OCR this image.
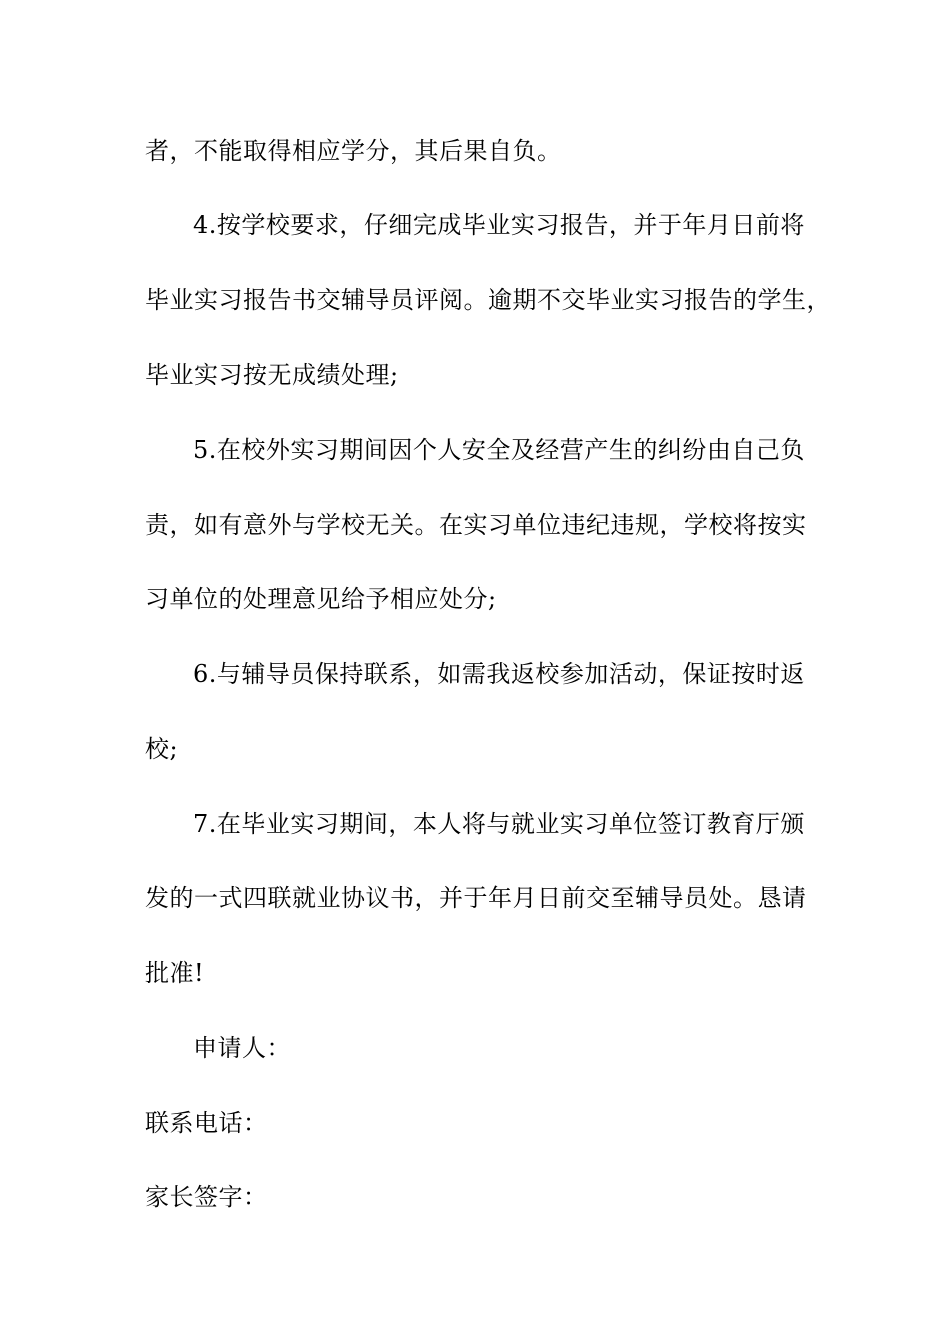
者，不能取得相应学分，其后果自负。
4.按学校要求，仔细完成毕业实习报告，并于年月日前将
毕业实习报告书交辅导员评阅。逾期不交毕业实习报告的学生，
毕业实习按无成绩处理;
5.在校外实习期间因个人安全及经营产生的纠纷由自己负
责，如有意外与学校无关。在实习单位违纪违规，学校将按实
习单位的处理意见给予相应处分;
6.与辅导员保持联系，如需我返校参加活动，保证按时返
校;
7.在毕业实习期间，本人将与就业实习单位签订教育厅颁
发的一式四联就业协议书，并于年月日前交至辅导员处。恳请
批准!
申请人：
联系电话：
家长签字：
